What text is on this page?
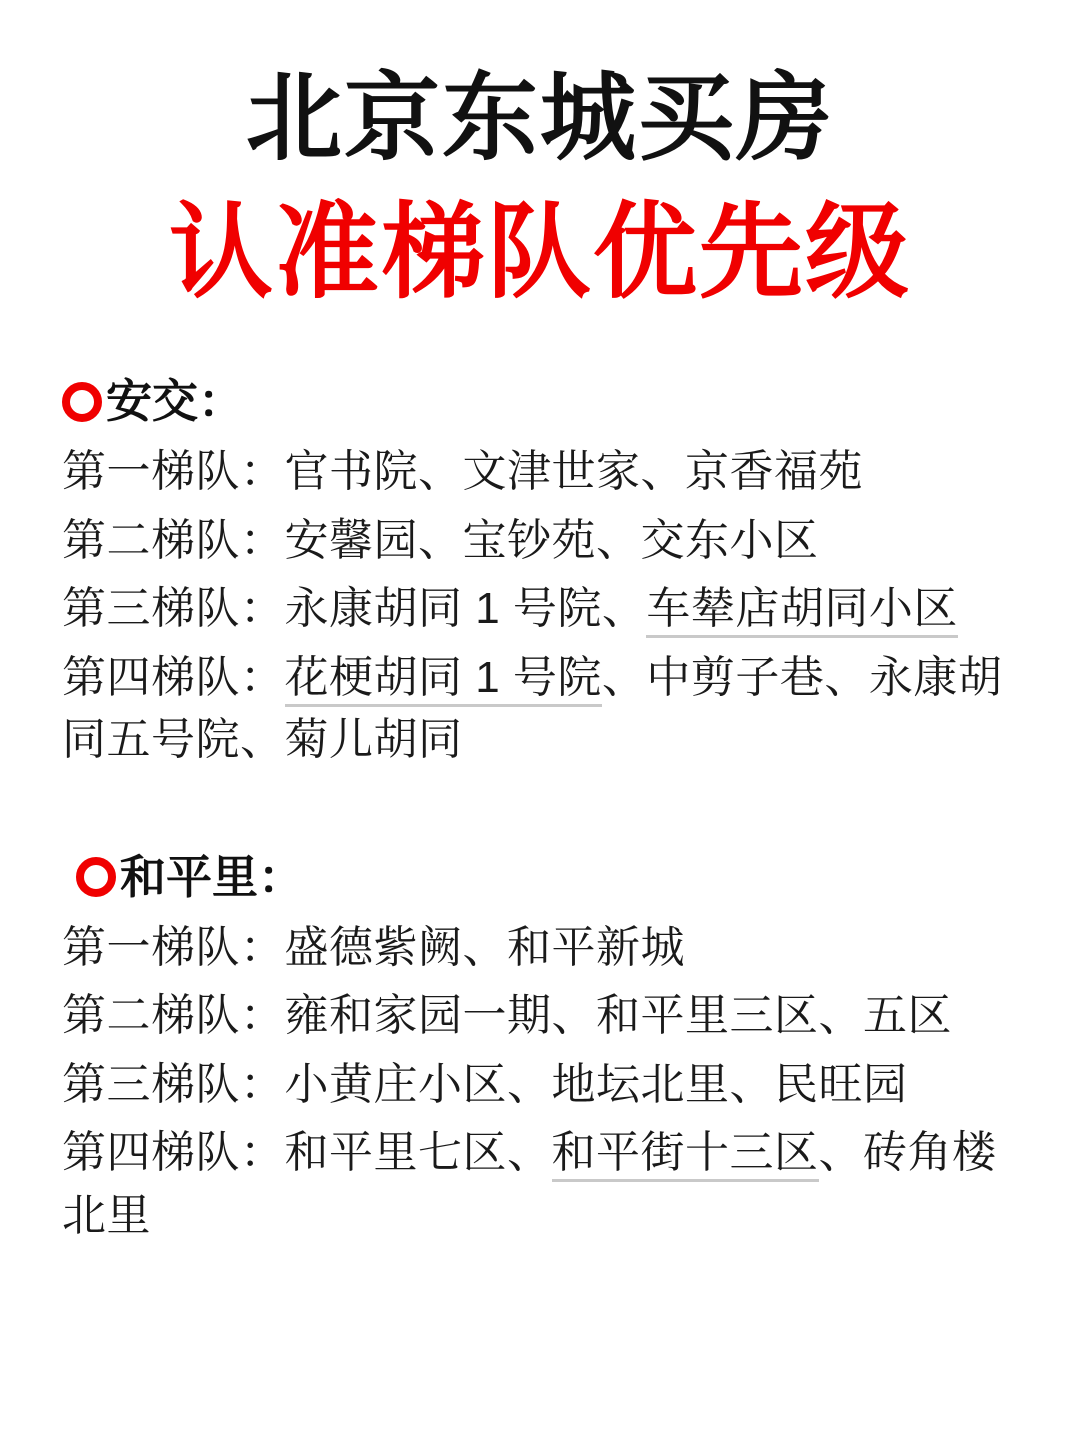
北京东城买房
认准梯队优先级
安交：
第一梯队：官书院、文津世家、京香福苑
第二梯队：安馨园、宝钞苑、交东小区
第三梯队：永康胡同 1 号院、车辇店胡同小区
第四梯队：花梗胡同 1 号院、中剪子巷、永康胡同五号院、菊儿胡同
和平里：
第一梯队：盛德紫阙、和平新城
第二梯队：雍和家园一期、和平里三区、五区
第三梯队：小黄庄小区、地坛北里、民旺园
第四梯队：和平里七区、和平街十三区、砖角楼北里
